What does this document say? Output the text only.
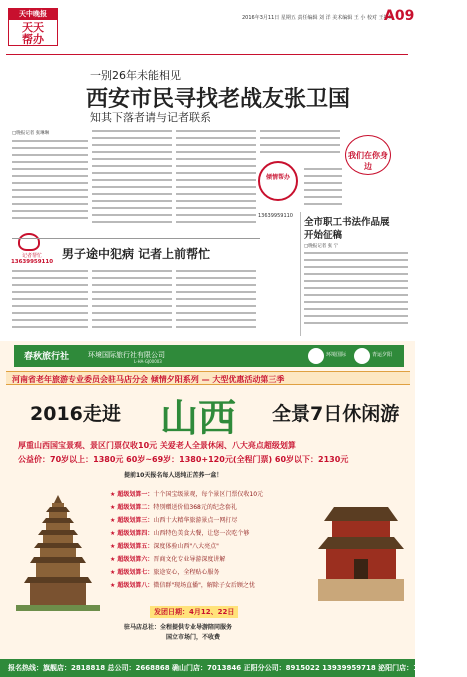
天中晚报
天天
帮办
2016年3月11日 星期五 责任编辑 刘 洋 美术编辑 王 小 校对 王振峰
A09
一别26年未能相见
西安市民寻找老战友张卫国
知其下落者请与记者联系
□晚报记者 张琳琳
倾情帮办
13639959110
我们在你身边
记者帮忙
13639959110
男子途中犯病 记者上前帮忙
全市职工书法作品展
开始征稿
□晚报记者 张 宁
春秋旅行社	环境国际旅行社有限公司
L-HA-GJ00003
环境国际	青运夕阳
河南省老年旅游专业委员会驻马店分会 倾情夕阳系列 — 大型优惠活动第三季
2016走进 山西 全景7日休闲游
厚重山西国宝景观、景区门票仅收10元 关爱老人全景休闲、八大亮点超级划算
公益价：70岁以上：1380元 60岁~69岁：1380+120元(全程门票) 60岁以下：2130元
提前10天报名每人送纯正苦荞一盒！
★ 超级划算一：十个国宝级景观，每个景区门票仅收10元
★ 超级划算二：特别赠送价值368元的纪念套礼
★ 超级划算三：山西十大精华旅游景点一网打尽
★ 超级划算四：山西特色美食大餐，让您一次吃个够
★ 超级划算五：深度体验山西"八大亮点"
★ 超级划算六：晋商文化专业导游深度讲解
★ 超级划算七：旅途安心，全程贴心服务
★ 超级划算八：微信群"现场直播"，解除子女后顾之忧
发团日期：4月12、22日
驻马店总社：全程提供专业导游陪同服务
国立市场门，不收费
报名热线：旗舰店：2818818 总公司：2668868 确山门店：7013846 正阳分公司：8915022 13939959718 泌阳门店：13513996155
